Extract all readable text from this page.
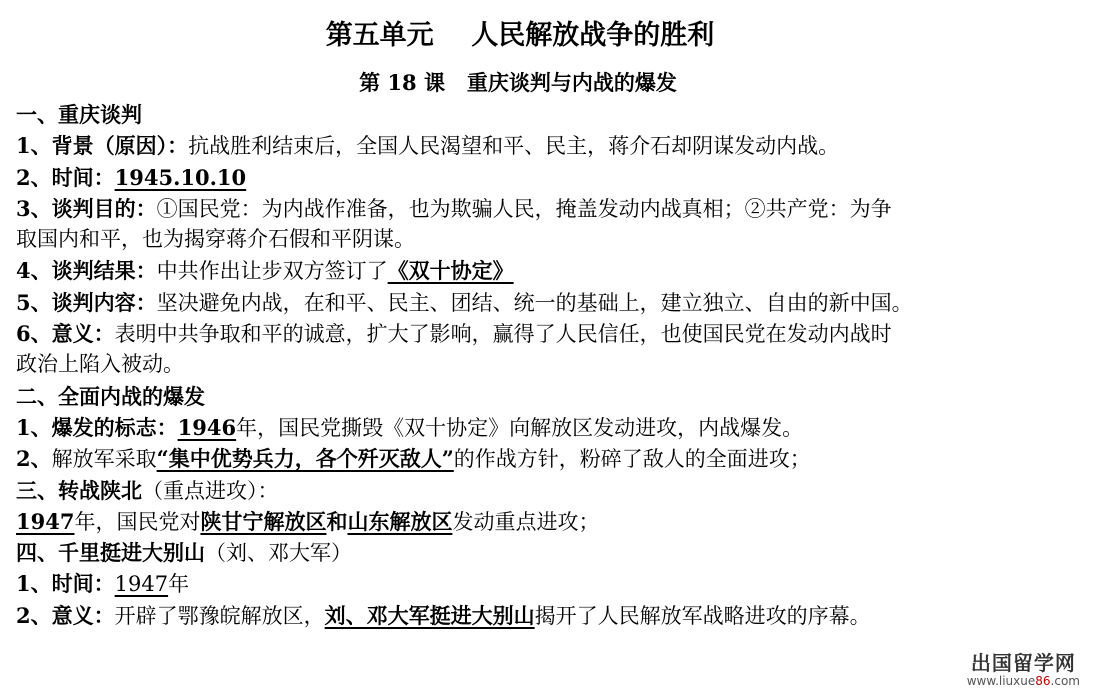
第五单元    人民解放战争的胜利
第 18 课   重庆谈判与内战的爆发
一、重庆谈判
1、背景（原因）：抗战胜利结束后，全国人民渴望和平、民主，蒋介石却阴谋发动内战。
2、时间：1945.10.10
3、谈判目的：①国民党：为内战作准备，也为欺骗人民，掩盖发动内战真相；②共产党：为争
取国内和平，也为揭穿蒋介石假和平阴谋。
4、谈判结果：中共作出让步双方签订了《双十协定》
5、谈判内容：坚决避免内战，在和平、民主、团结、统一的基础上，建立独立、自由的新中国。
6、意义：表明中共争取和平的诚意，扩大了影响，赢得了人民信任，也使国民党在发动内战时
政治上陷入被动。
二、全面内战的爆发
1、爆发的标志：1946年，国民党撕毁《双十协定》向解放区发动进攻，内战爆发。
2、解放军采取“集中优势兵力，各个歼灭敌人”的作战方针，粉碎了敌人的全面进攻；
三、转战陕北（重点进攻）：
1947年，国民党对陕甘宁解放区和山东解放区发动重点进攻；
四、千里挺进大别山（刘、邓大军）
1、时间：1947年
2、意义：开辟了鄂豫皖解放区，刘、邓大军挺进大别山揭开了人民解放军战略进攻的序幕。
出国留学网
www.liuxue86.com
